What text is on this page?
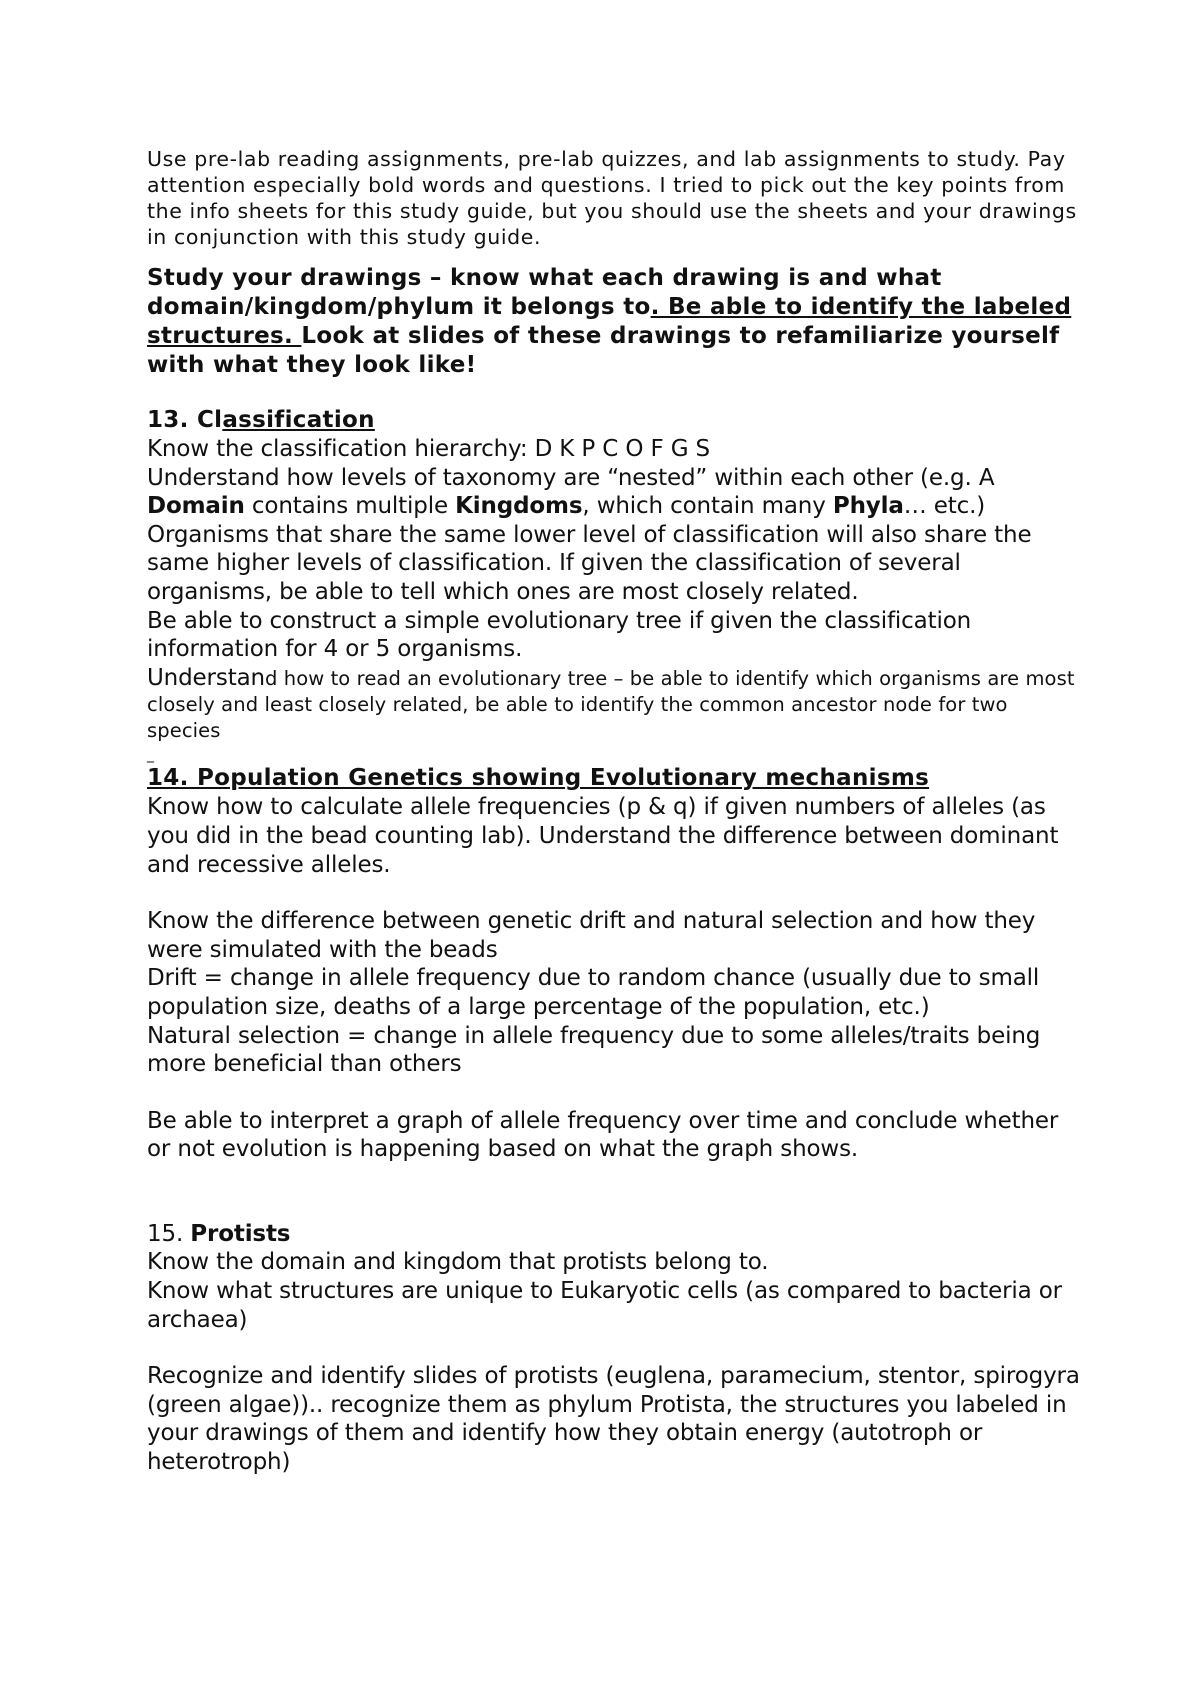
Use pre-lab reading assignments, pre-lab quizzes, and lab assignments to study. Pay attention especially bold words and questions. I tried to pick out the key points from the info sheets for this study guide, but you should use the sheets and your drawings in conjunction with this study guide.

Study your drawings – know what each drawing is and what domain/kingdom/phylum it belongs to. Be able to identify the labeled structures. Look at slides of these drawings to refamiliarize yourself with what they look like!

13. Classification

Know the classification hierarchy: D K P C O F G S

Understand how levels of taxonomy are “nested” within each other (e.g. A Domain contains multiple Kingdoms, which contain many Phyla… etc.) Organisms that share the same lower level of classification will also share the same higher levels of classification. If given the classification of several organisms, be able to tell which ones are most closely related.

Be able to construct a simple evolutionary tree if given the classification information for 4 or 5 organisms.

Understand how to read an evolutionary tree – be able to identify which organisms are most closely and least closely related, be able to identify the common ancestor node for two species

_

14. Population Genetics showing Evolutionary mechanisms

Know how to calculate allele frequencies (p & q) if given numbers of alleles (as you did in the bead counting lab). Understand the difference between dominant and recessive alleles.

Know the difference between genetic drift and natural selection and how they were simulated with the beads

Drift = change in allele frequency due to random chance (usually due to small population size, deaths of a large percentage of the population, etc.)

Natural selection = change in allele frequency due to some alleles/traits being more beneficial than others

Be able to interpret a graph of allele frequency over time and conclude whether or not evolution is happening based on what the graph shows.

15. Protists

Know the domain and kingdom that protists belong to.

Know what structures are unique to Eukaryotic cells (as compared to bacteria or archaea)

Recognize and identify slides of protists (euglena, paramecium, stentor, spirogyra (green algae)).. recognize them as phylum Protista, the structures you labeled in your drawings of them and identify how they obtain energy (autotroph or heterotroph)
